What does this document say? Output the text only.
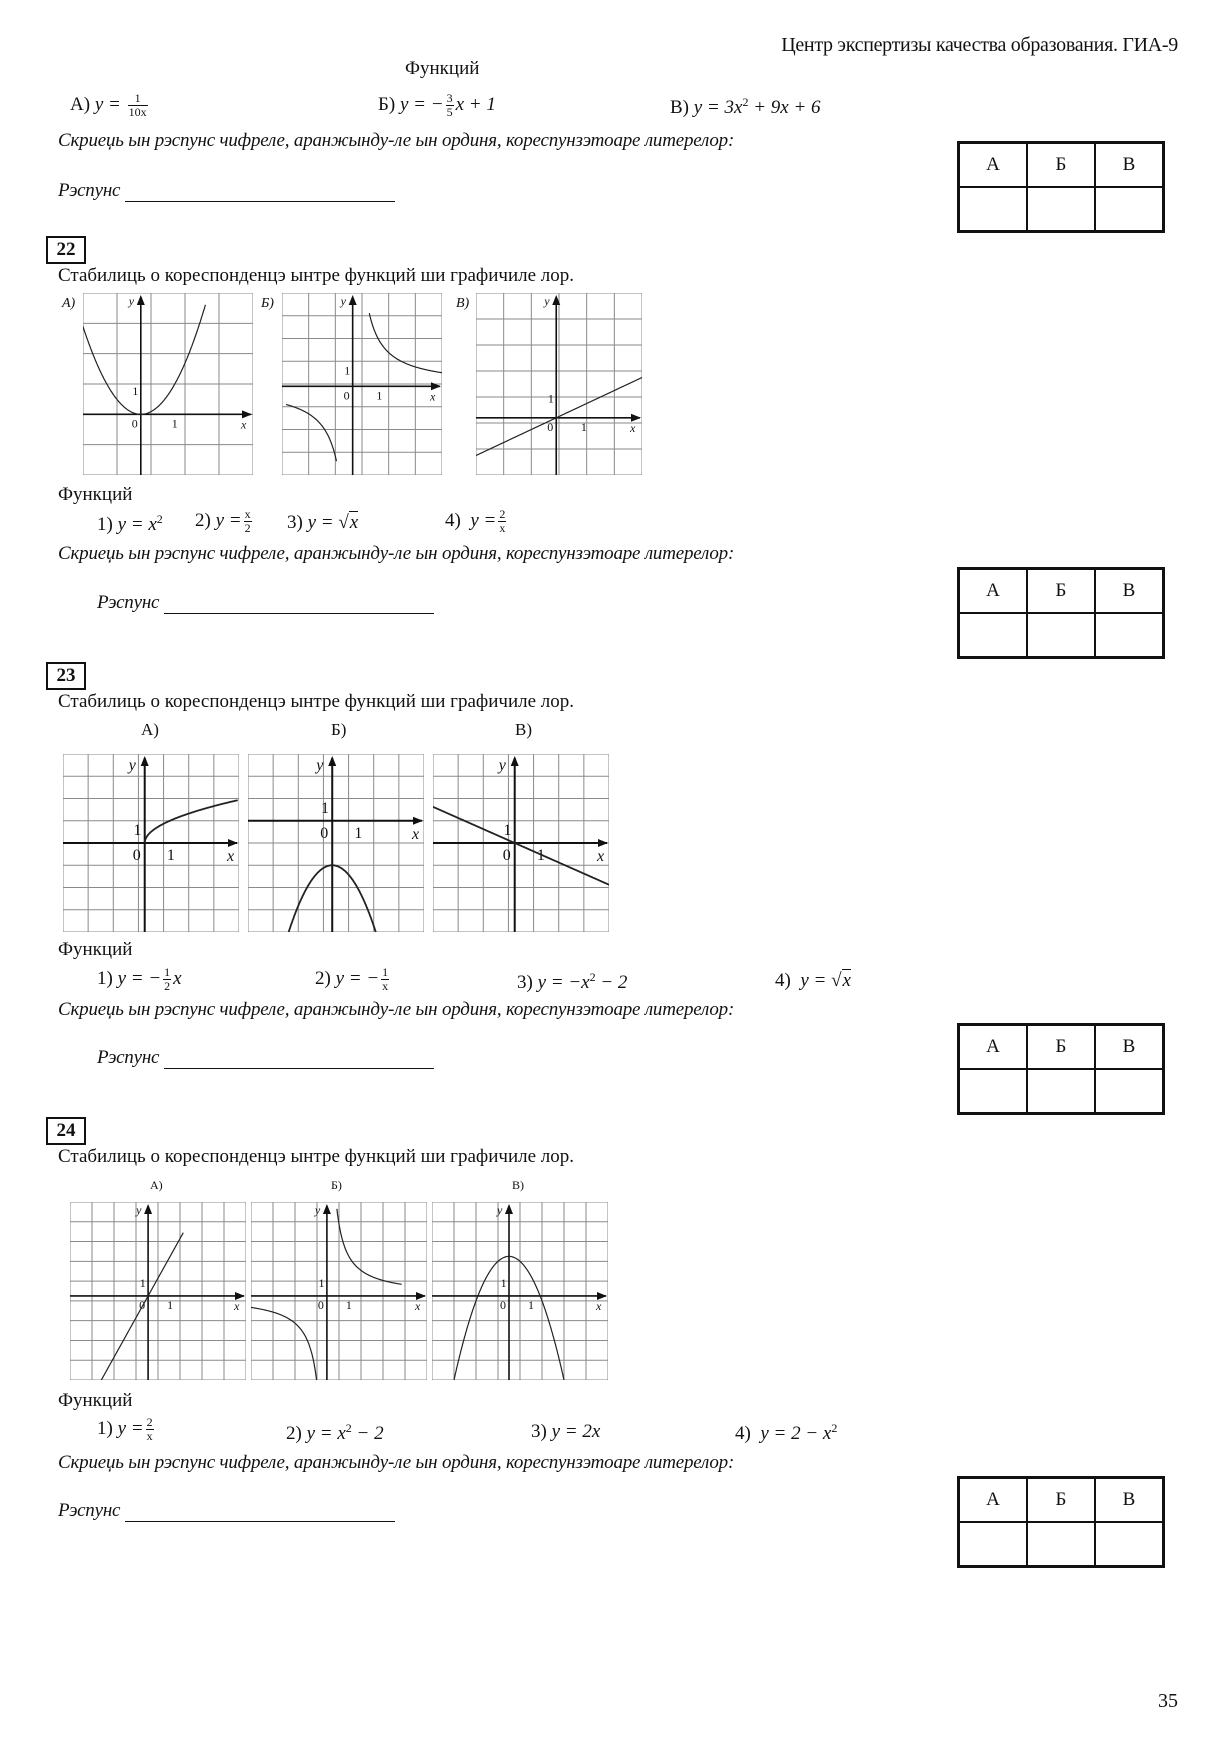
Центр экспертизы качества образования. ГИА-9
Функций
А) $y = \frac{1}{10x}$	Б) y = − $\frac{3}{5}$ x + 1	В) $y = 3x^2 + 9x + 6$
Скриеџь ын рэспунс чифреле, аранжындy-ле ын ординя, кореспунзэтоаре литерелор:
Рэспунс
А	Б	В

22
Стабилиць о кореспонденцэ ынтре функций ши графичиле лор.
А)	Б)	В)
x
y
0	1
1	x
y
0 1
1
x
y
0 1
1
Функций
1) $y = x^2$ 2) $y = \frac{x}{2} 3$) y = √x	4) $y = \frac{2}{x}$
Скриеџь ын рэспунс чифреле, аранжындy-ле ын ординя, кореспунзэтоаре литерелор:
Рэспунс
А	Б	В

23
Стабилиць о кореспонденцэ ынтре функций ши графичиле лор.
А)	Б)	В)
x
y
0 1
1	x
y
0 1
1
x
y
0 1
1
Функций
1) y = − $\frac{1}{2}$ x	2) y = − $\frac{1}{x}$	3) $y = -x^2 - 2$	4) y = √x
Скриеџь ын рэспунс чифреле, аранжындy-ле ын ординя, кореспунзэтоаре литерелор:
Рэспунс
А	Б	В

24
Стабилиць о кореспонденцэ ынтре функций ши графичиле лор.
А)	Б)	В)
x
y
0 1
1
x
y
0 1
1
x
y
0 1
1
Функций
1) $y = \frac{2}{x}$	2) $y = x^2 - 2$	3) y = 2x	4) $y = 2 - x^2$
Скриеџь ын рэспунс чифреле, аранжындy-ле ын ординя, кореспунзэтоаре литерелор:
Рэспунс
А	Б	В

35
